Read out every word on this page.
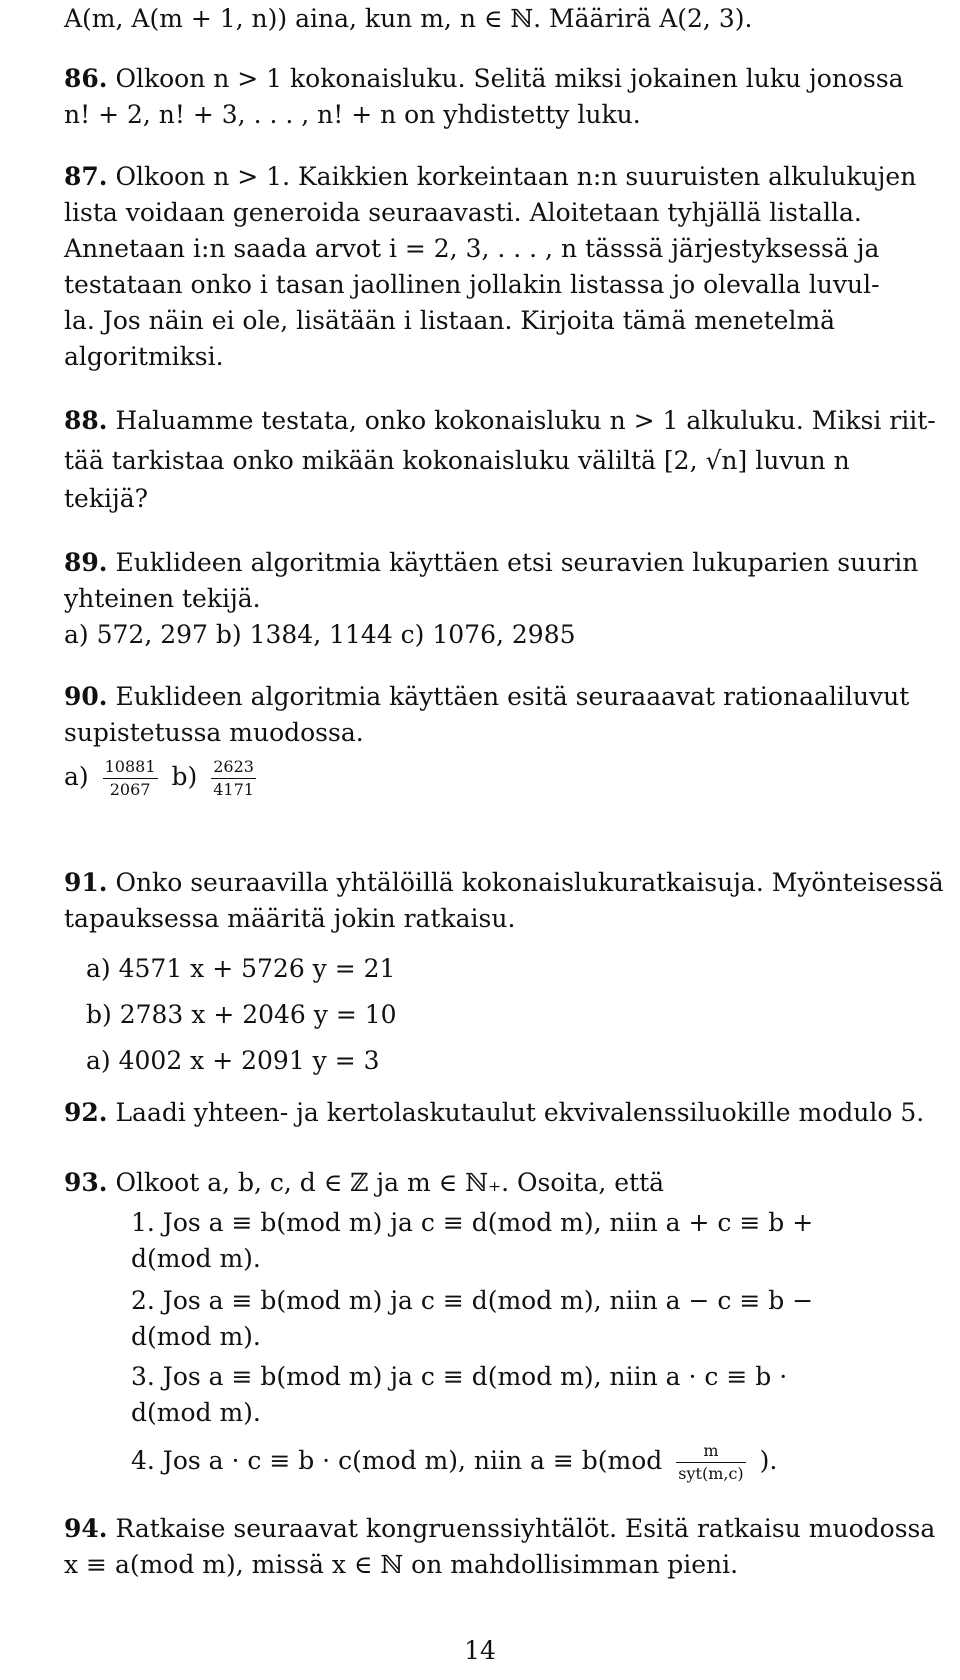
A(m, A(m + 1, n)) aina, kun m, n ∈ ℕ. Määrirä A(2, 3).
86. Olkoon n > 1 kokonaisluku. Selitä miksi jokainen luku jonossa
n! + 2, n! + 3, . . . , n! + n on yhdistetty luku.
87. Olkoon n > 1. Kaikkien korkeintaan n:n suuruisten alkulukujen
lista voidaan generoida seuraavasti. Aloitetaan tyhjällä listalla.
Annetaan i:n saada arvot i = 2, 3, . . . , n tässsä järjestyksessä ja
testataan onko i tasan jaollinen jollakin listassa jo olevalla luvul-
la. Jos näin ei ole, lisätään i listaan. Kirjoita tämä menetelmä
algoritmiksi.
88. Haluamme testata, onko kokonaisluku n > 1 alkuluku. Miksi riit-
tää tarkistaa onko mikään kokonaisluku väliltä [2, √n] luvun n
tekijä?
89. Euklideen algoritmia käyttäen etsi seuravien lukuparien suurin
yhteinen tekijä.
a) 572, 297 b) 1384, 1144 c) 1076, 2985
90. Euklideen algoritmia käyttäen esitä seuraaavat rationaaliluvut
supistetussa muodossa.
$a) \frac{10881}{2067} b) \frac{2623}{4171}$
91. Onko seuraavilla yhtälöillä kokonaislukuratkaisuja. Myönteisessä
tapauksessa määritä jokin ratkaisu.
a) 4571 x + 5726 y = 21
b) 2783 x + 2046 y = 10
a) 4002 x + 2091 y = 3
92. Laadi yhteen- ja kertolaskutaulut ekvivalenssiluokille modulo 5.
93. Olkoot a, b, c, d ∈ ℤ ja m ∈ ℕ₊. Osoita, että
1. Jos a ≡ b(mod m) ja c ≡ d(mod m), niin a + c ≡ b +
d(mod m).
2. Jos a ≡ b(mod m) ja c ≡ d(mod m), niin a − c ≡ b −
d(mod m).
3. Jos a ≡ b(mod m) ja c ≡ d(mod m), niin a · c ≡ b ·
d(mod m).
4. Jos a · c ≡ b · c(mod m), niin $a \equiv b(mod \frac{m}{\text{syt(m,c)}}$ ).
94. Ratkaise seuraavat kongruenssiyhtälöt. Esitä ratkaisu muodossa
x ≡ a(mod m), missä x ∈ ℕ on mahdollisimman pieni.
14
